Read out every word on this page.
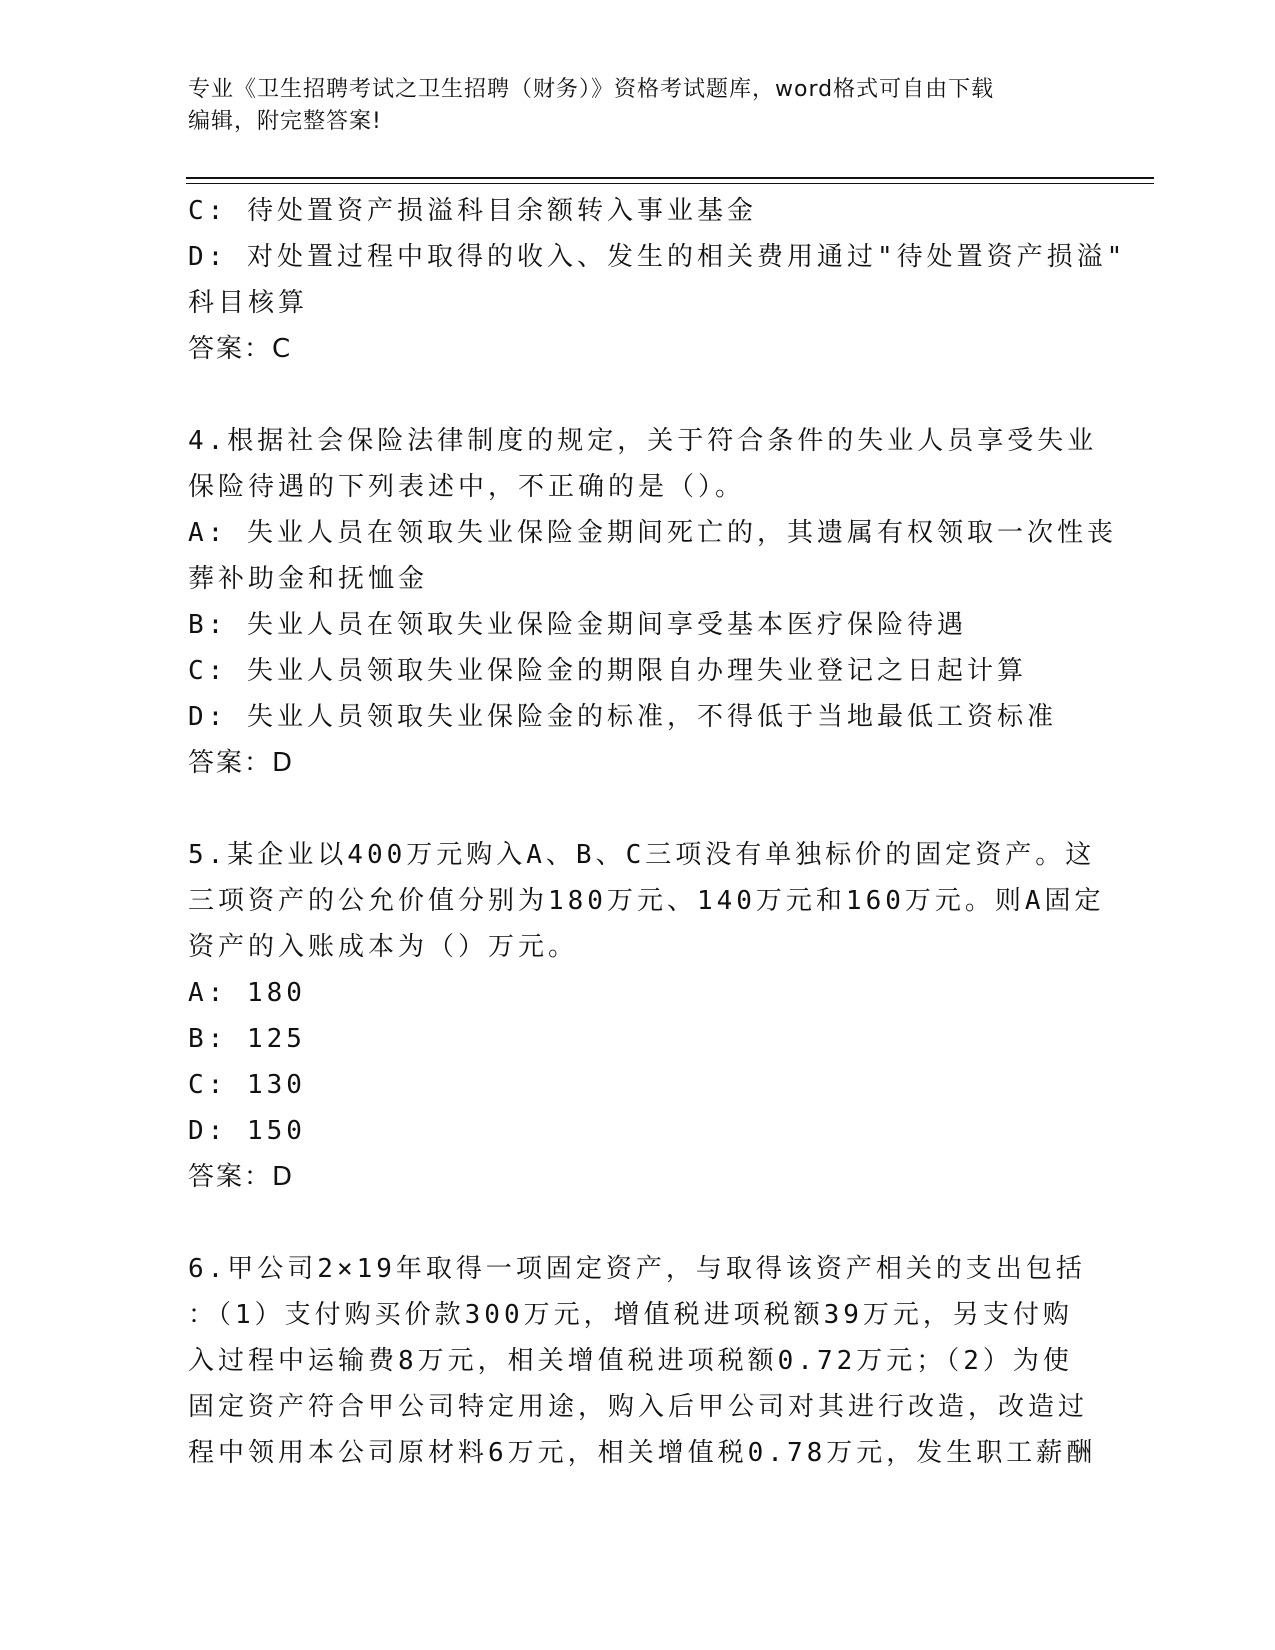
专业《卫生招聘考试之卫生招聘（财务）》资格考试题库，word格式可自由下载
编辑，附完整答案!
C: 待处置资产损溢科目余额转入事业基金
D: 对处置过程中取得的收入、发生的相关费用通过"待处置资产损溢"
科目核算
答案：C
4.根据社会保险法律制度的规定，关于符合条件的失业人员享受失业
保险待遇的下列表述中，不正确的是（）。
A: 失业人员在领取失业保险金期间死亡的，其遗属有权领取一次性丧
葬补助金和抚恤金
B: 失业人员在领取失业保险金期间享受基本医疗保险待遇
C: 失业人员领取失业保险金的期限自办理失业登记之日起计算
D: 失业人员领取失业保险金的标准，不得低于当地最低工资标准
答案：D
5.某企业以400万元购入A、B、C三项没有单独标价的固定资产。这
三项资产的公允价值分别为180万元、140万元和160万元。则A固定
资产的入账成本为（）万元。
A: 180
B: 125
C: 130
D: 150
答案：D
6.甲公司2×19年取得一项固定资产，与取得该资产相关的支出包括
：（1）支付购买价款300万元，增值税进项税额39万元，另支付购
入过程中运输费8万元，相关增值税进项税额0.72万元；（2）为使
固定资产符合甲公司特定用途，购入后甲公司对其进行改造，改造过
程中领用本公司原材料6万元，相关增值税0.78万元，发生职工薪酬
